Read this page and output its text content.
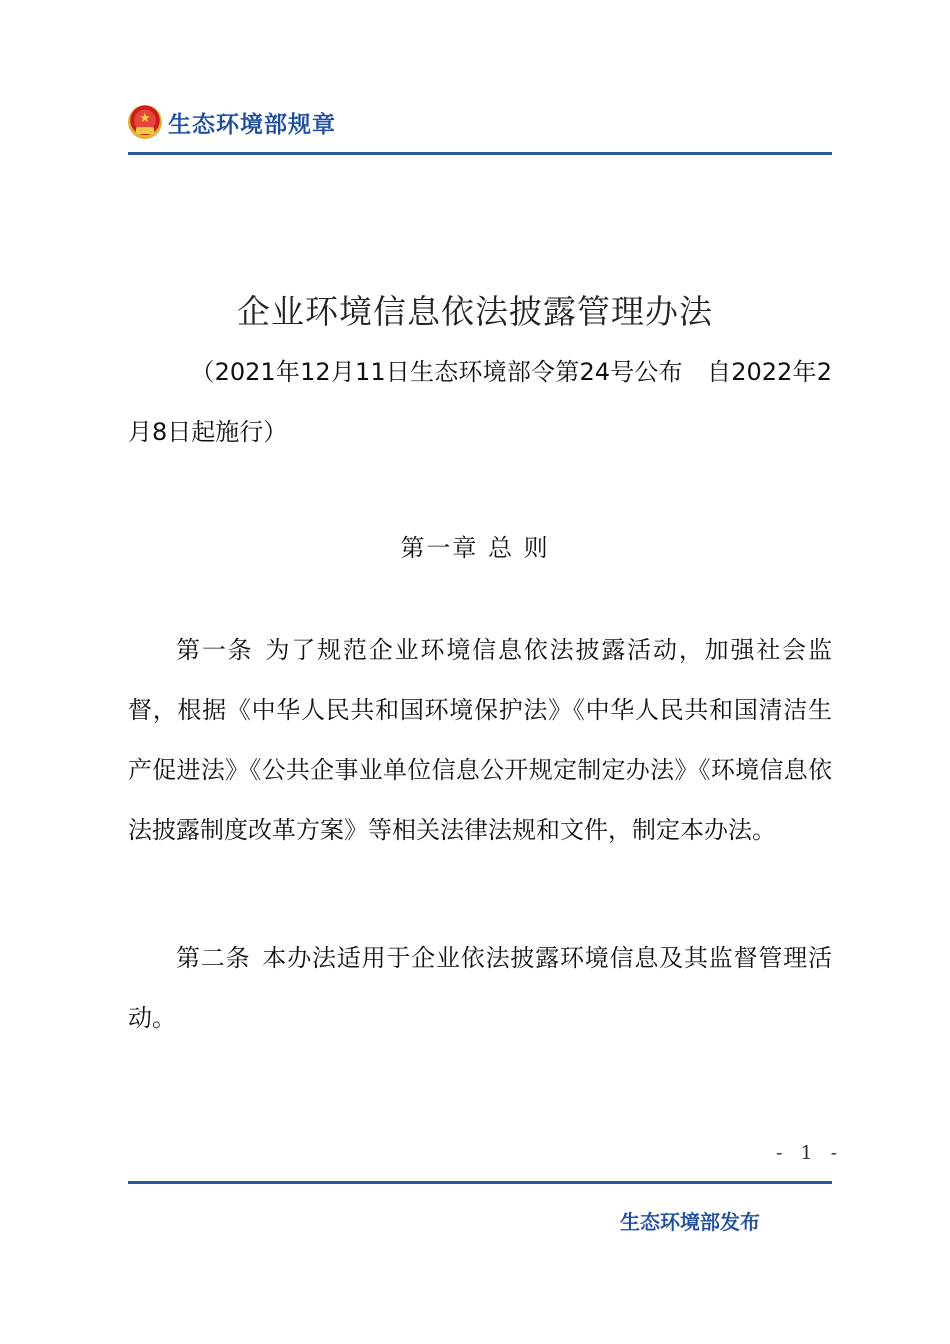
★
生态环境部规章
企业环境信息依法披露管理办法

（2021年12月11日生态环境部令第24号公布　自2022年2月8日起施行）

第一章 总 则

第一条 为了规范企业环境信息依法披露活动，加强社会监督，根据《中华人民共和国环境保护法》《中华人民共和国清洁生产促进法》《公共企事业单位信息公开规定制定办法》《环境信息依法披露制度改革方案》等相关法律法规和文件，制定本办法。

第二条 本办法适用于企业依法披露环境信息及其监督管理活动。

- 1 -
生态环境部发布
